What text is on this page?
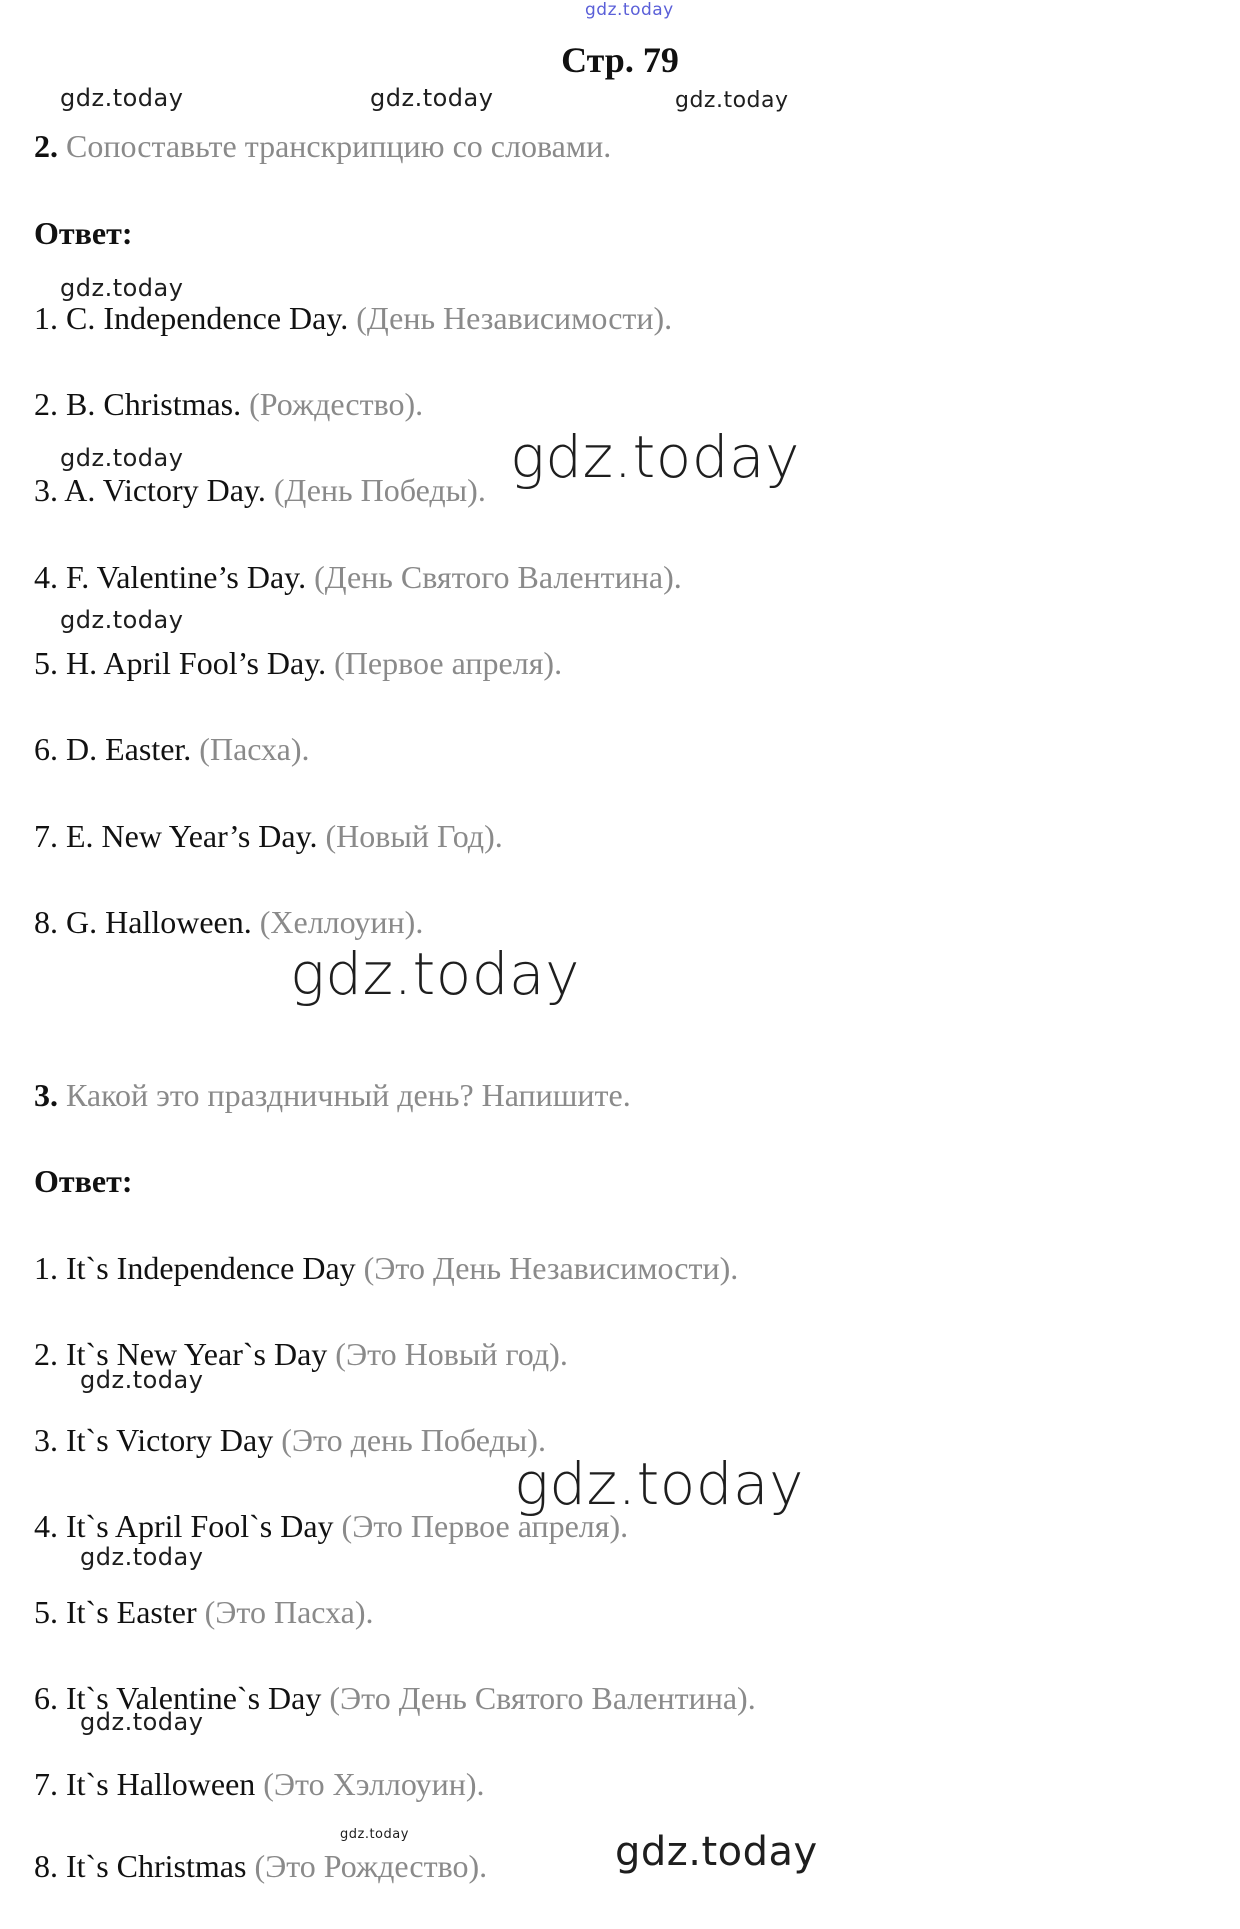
gdz.today
gdz.today	gdz.today	gdz.today
Стр. 79
2. Сопоставьте транскрипцию со словами.
Ответ:
gdz.today
1. C. Independence Day. (День Независимости).
2. B. Christmas. (Рождество).
gdz.today
3. A. Victory Day. (День Победы). gdz.today
4. F. Valentine’s Day. (День Святого Валентина).
gdz.today
5. H. April Fool’s Day. (Первое апреля).
6. D. Easter. (Пасха).
7. E. New Year’s Day. (Новый Год).
8. G. Halloween. (Хеллоуин).
gdz.today
3. Какой это праздничный день? Напишите.
Ответ:
1. It`s Independence Day (Это День Независимости).
2. It`s New Year`s Day (Это Новый год).
gdz.today
3. It`s Victory Day (Это день Победы).
gdz.today
4. It`s April Fool`s Day (Это Первое апреля).
gdz.today
5. It`s Easter (Это Пасха).
6. It`s Valentine`s Day (Это День Святого Валентина).
gdz.today
7. It`s Halloween (Это Хэллоуин).
gdz.today
8. It`s Christmas (Это Рождество).	gdz.today
